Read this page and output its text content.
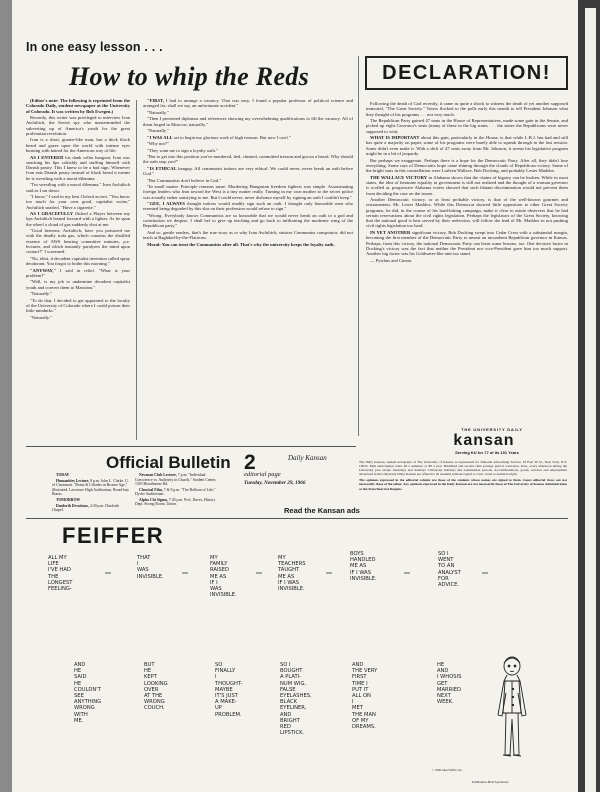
In one easy lesson . . .
How to whip the Reds

(Editor's note: The following is reprinted from the Colorado Daily, student newspaper at the University of Colorado. It was written by Bob Ewegen.)

Recently, this writer was privileged to interview Ivan Awfulitch, the Soviet spy who masterminded the subverting up of America's youth for the great proletarian revolution.

Ivan is a short, gnome-like man, has a thick black beard and gazes upon the world with intense eyes burning with hatred for the American way of life.

AS I ENTERED his dank cellar hangout, Ivan was snacking his lips caftishly and stuffing himself with Danish pastry. This I knew to be a bad sign. Whenever Ivan eats Danish pastry instead of black bread it means he is wrestling with a moral dilemma.

"I'm wrestling with a moral dilemma," Ivan Awfulitch said as I sat down.

"I know," I said in my best Oxford accent. "You know too much for your own good, capitalist swine," Awfulitch snarled. "Have a cigarette."

AS I GRACEFULLY flicked a Player between my lips Awfulitch leaned forward with a lighter. As he spun the wheel a cloud of gas suddenly shot at me.

"Good heavens, Awfulitch, have you poisoned me with the deadly trafa gas, which contains the distilled essence of AWS hearing committee minutes, p.e. lectures, and which instantly paralyzes the mind upon contact?" I screamed.

"No, idiot, it decadent capitalist invention called spray deodorant. You forgot to bothe this morning."

"ANYWAY," I said in relief, "What is your problem?"

"Well, is my job to undermine decadent capitalist youth and convert them to Marxism."

"Naturally."

"To do that, I decided to get appointed to the faculty of the University of Colorado where I could poison their little mindniks."

"Naturally."

"FIRST, I had to arrange a vacancy. That was easy. I found a popular professor of political science and arranged for, shall we say, an unfortunate accident."

"Naturally."

"Then I presented diplomas and references showing my overwhelming qualifications to fill the vacancy. All of them forged in Moscow, naturally."

"Naturally."

"I WAS ALL set to begin my glorious work of high treason. But now I can't."

"Why not?"

"They want me to sign a loyalty oath."

"But to get into this position you've murdered, lied, cheated, committed treason and grown a beard. Why should the oath stop you?"

"IS ETHICAL hangup. All communist traitors are very ethical. We could never, never break an oath before God."

"But Communists don't believe in God."

"In small matter. Principle remains same. Murdering Hungarian freedom fighters was simple. Assassinating foreign leaders who lean toward the West is a tiny matter really. Turning in my own mother to the secret police was actually rather satisfying to me. But I could never, never dishonor myself by signing an oath I couldn't keep."

"GEE, I ALWAYS thought traitors would readily sign such an oath. I thought only honorable men who resented being degraded by this slur on their profession would refuse to sign."

"Wrong. Everybody knows Communists are so honorable that we would never break an oath to a god and constitution we despise. I shall hef to give up teaching and go back to infiltrating the moderate wing of the Republican party."

And so, gentle readers, that's the true story as to why Ivan Awfulitch, sinister Communist conspirator, did not teach at Baghdad-by-the-Flatirons.

Moral: You can trust the Communists after all. That's why the university keeps the loyalty oath.

DECLARATION!

Following the death of God recently, it came as quite a shock to witness the death of yet another supposed immortal, "The Great Society." Voters flocked to the polls early this month to tell President Johnson what they thought of his programs . . . not very much.

The Republican Party gained 47 seats in the House of Representatives, made some gain in the Senate, and picked up eight Governor's seats (many of these in the big states . . . the states the Republicans were never supposed to win).

WHAT IS IMPORTANT about this gain, particularly in the House, is that while L.B.J. has had and still has quite a majority on paper, some of his programs were barely able to squeak through in the last session. Some didn't even make it. With a shift of 47 seats away from Mr. Johnson, it seems his legislative program might be in a bit of jeopardy.

But perhaps we exaggerate. Perhaps there is a hope for the Democratic Party. After all, they didn't lose everything. Some rays of Democratic hope came shining through the clouds of Republican victory. Some of the bright stars in this constellation were Lurleen Wallace, Bob Docking, and probably Lester Maddox.

THE WALLACE VICTORY in Alabama shows that the chains of bigotry can be broken. While in most states, the idea of feminine equality in government is still not realized and the thought of a woman governor is scoffed at, progressive Alabama voters showed that such blatant discrimination would not prevent them from deciding the case on the issues.

Another Democratic victory, or at least probable victory, is that of the well-known gourmet and restauranteur, Mr. Lester Maddox. While this Democrat showed little opposition to other Great Society programs, he did, in the course of his hard-hitting campaign, make it clear to astute observers that he had certain reservations about the civil rights legislation. Perhaps the legislators of the Great Society, knowing that the national good is best served by their reelection, will follow the lead of Mr. Maddox in not pushing civil rights legislation too hard.

IN YET ANOTHER significant victory, Bob Docking swept into Cedar Crest with a substantial margin, becoming the first member of the Democratic Party to unseat an incumbent Republican governor in Kansas. Perhaps, from this victory, the national Democratic Party can learn some lessons, too. One decisive factor in Docking's victory was the fact that neither the President nor vice-President gave him too much support. Another big factor was his Goldwater-like anti-tax stand.

— Pyrrhus and Cineas

THE UNIVERSITY DAILY
kansan
Serving KU for 77 of its 101 Years

The Daily Kansan, student newspaper of The University of Kansas, is represented for National Advertising Service, 18 East 50 St., New York, N.Y. 10022. Mail subscription rates: $4 a semester or $8 a year. Published and second class postage paid at Lawrence, Kan., every afternoon during the University year except Saturdays and Sundays. University holidays and examination periods. Accommodations, goods, services and employment advertised in the University Daily Kansan are offered to all students without regard to color, creed or national origin.

The opinions expressed in the editorial column are those of the students whose names are signed to them. Guest editorial views are not necessarily those of the editor. Any opinions expressed in the Daily Kansan are not necessarily those of The University of Kansas Administration or the State Board of Regents.

Official Bulletin

TODAY

Humanities Lecture, 8 p.m. John L. Clarke, U. of Cincinnati. "Rome & Cifiades in Bronze Age," illustrated. Lawrence High Auditorium, Broad-bay Bonas.

TOMORROW

Danforth Devotions, 4:30 p.m. Danforth Chapel.

Newman Club Lecture, 7 p.m. "Individual Conscience vs. Authority in Church," Student Center, 1303 Hearthstone Rd.

Classical Film, 7 & 9 p.m. "The Balloon of Life," Dyche Auditorium.

Alpha Chi Sigma, 7:30 p.m. Prof. Daves, History Dept. Strong Room, Union.

2
editorial page
Daily Kansan
Tuesday, November 29, 1966
Read the Kansan ads
FEIFFER
ALL MY
LIFE
I'VE HAD
THE
LONGEST
FEELING-
THAT
I
WAS
INVISIBLE.
MY
FAMILY
RAISED
ME AS
IF I
WAS
INVISIBLE.
MY
TEACHERS
TAUGHT
ME AS
IF I WAS
INVISIBLE.
BOYS
HANDLED
ME AS
IF I WAS
INVISIBLE.
SO I
WENT
TO AN
ANALYST
FOR
ADVICE.
AND
HE
SAID
HE
COULDN'T
SEE
ANYTHING
WRONG
WITH
ME.
BUT
HE
KEPT
LOOKING
OVER
AT THE
WRONG
COUCH.
SO
FINALLY
I
THOUGHT-
MAYBE
IT'S JUST
A MAKE-
UP
PROBLEM.
SO I
BOUGHT
A PLATI-
NUM WIG,
FALSE
EYELASHES,
BLACK
EYELINER,
AND
BRIGHT
RED
LIPSTICK.
AND
THE VERY
FIRST
TIME I
PUT IT
ALL ON
I
MET
THE MAN
OF MY
DREAMS.
HE
AND
I WHOSIS
GET
MARRIED
NEXT
WEEK.
© 1966 Jules Feiffer, Inc.
Publishers-Hall Syndicate
